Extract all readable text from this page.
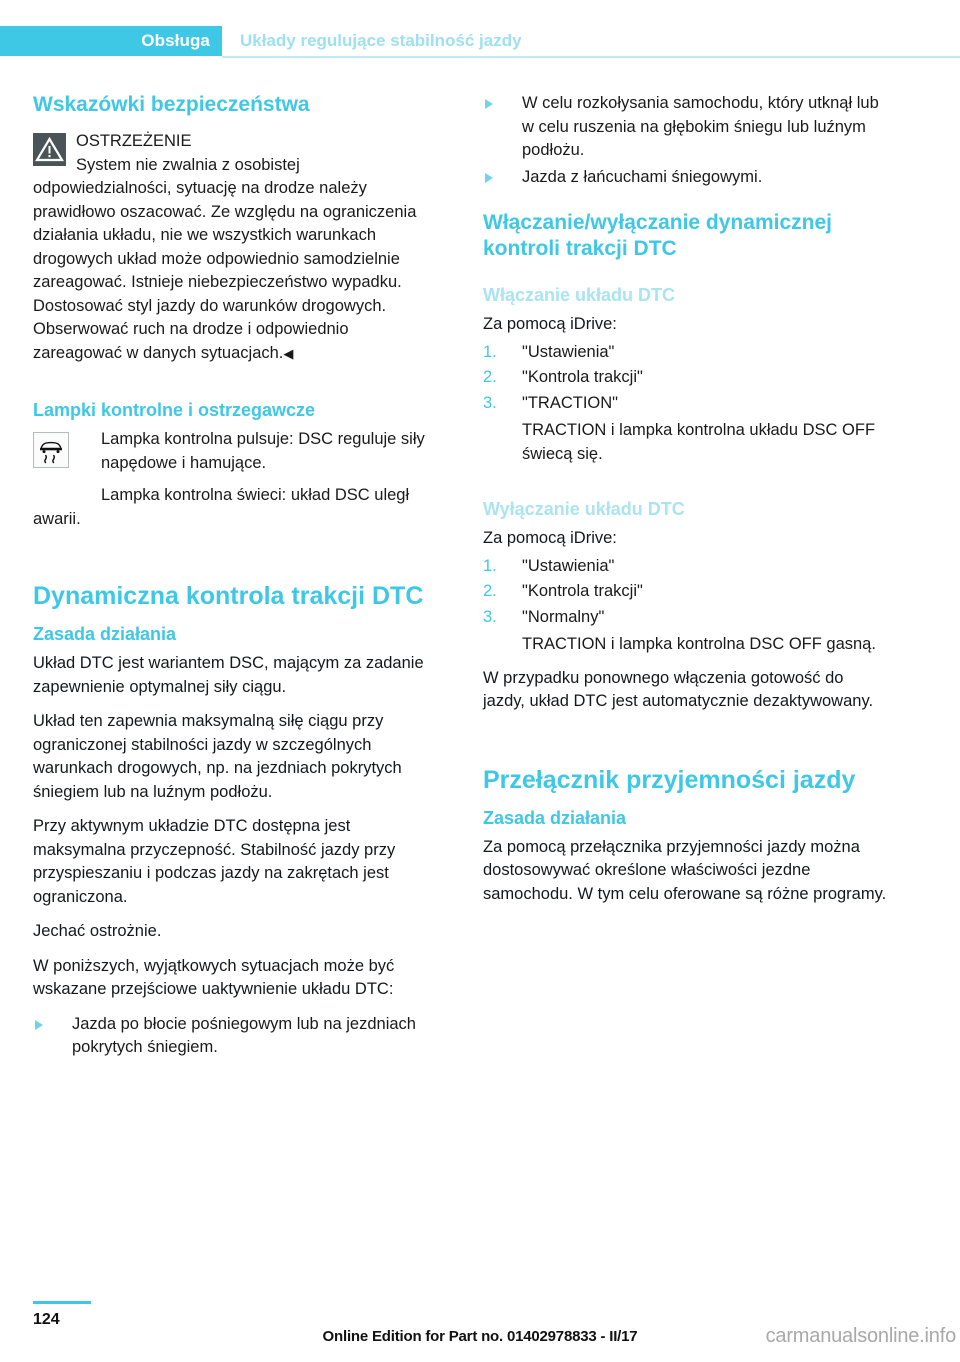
Obsługa	Układy regulujące stabilność jazdy
Wskazówki bezpieczeństwa

OSTRZEŻENIE

System nie zwalnia z osobistej odpowiedzialności, sytuację na drodze należy prawidłowo oszacować. Ze względu na ograniczenia działania układu, nie we wszystkich warunkach drogowych układ może odpowiednio samodzielnie zareagować. Istnieje niebezpieczeństwo wypadku. Dostosować styl jazdy do warunków drogowych. Obserwować ruch na drodze i odpowiednio zareagować w danych sytuacjach.◀

Lampki kontrolne i ostrzegawcze

Lampka kontrolna pulsuje: DSC reguluje siły napędowe i hamujące.

Lampka kontrolna świeci: układ DSC uległ awarii.

Dynamiczna kontrola trakcji DTC
Zasada działania

Układ DTC jest wariantem DSC, mającym za zadanie zapewnienie optymalnej siły ciągu.

Układ ten zapewnia maksymalną siłę ciągu przy ograniczonej stabilności jazdy w szczególnych warunkach drogowych, np. na jezdniach pokrytych śniegiem lub na luźnym podłożu.

Przy aktywnym układzie DTC dostępna jest maksymalna przyczepność. Stabilność jazdy przy przyspieszaniu i podczas jazdy na zakrętach jest ograniczona.

Jechać ostrożnie.

W poniższych, wyjątkowych sytuacjach może być wskazane przejściowe uaktywnienie układu DTC:

Jazda po błocie pośniegowym lub na jezdniach pokrytych śniegiem.
W celu rozkołysania samochodu, który utknął lub w celu ruszenia na głębokim śniegu lub luźnym podłożu.
Jazda z łańcuchami śniegowymi.
Włączanie/wyłączanie dynamicznej kontroli trakcji DTC
Włączanie układu DTC

Za pomocą iDrive:

1.	"Ustawienia"
2.	"Kontrola trakcji"
3.	"TRACTION"

TRACTION i lampka kontrolna układu DSC OFF świecą się.

Wyłączanie układu DTC

Za pomocą iDrive:

1.	"Ustawienia"
2.	"Kontrola trakcji"
3.	"Normalny"

TRACTION i lampka kontrolna DSC OFF gasną.

W przypadku ponownego włączenia gotowość do jazdy, układ DTC jest automatycznie dezaktywowany.

Przełącznik przyjemności jazdy
Zasada działania

Za pomocą przełącznika przyjemności jazdy można dostosowywać określone właściwości jezdne samochodu. W tym celu oferowane są różne programy.

124
Online Edition for Part no. 01402978833 - II/17	carmanualsonline.info
